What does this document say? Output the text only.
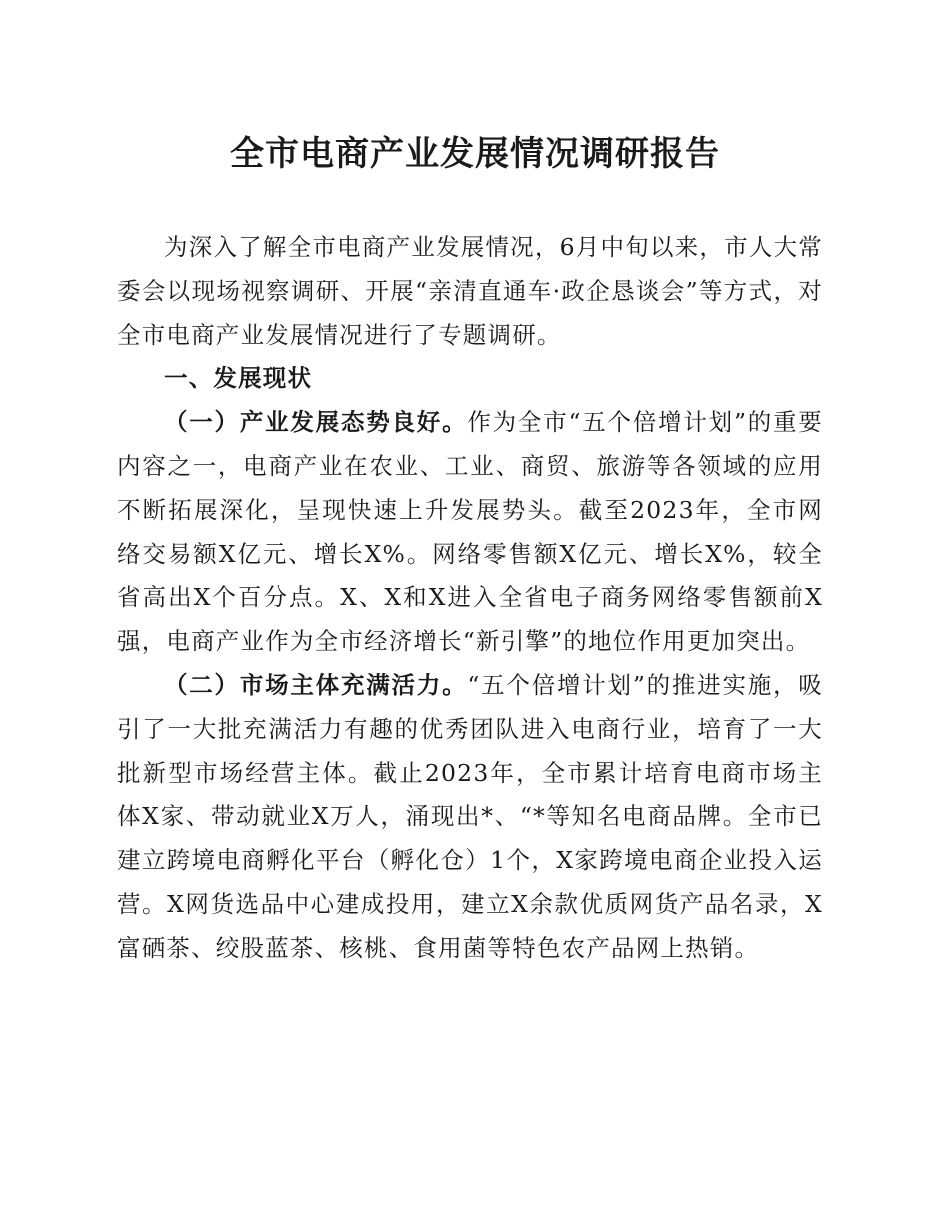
全市电商产业发展情况调研报告

为深入了解全市电商产业发展情况，6月中旬以来，市人大常委会以现场视察调研、开展“亲清直通车·政企恳谈会”等方式，对全市电商产业发展情况进行了专题调研。

一、发展现状

（一）产业发展态势良好。作为全市“五个倍增计划”的重要内容之一，电商产业在农业、工业、商贸、旅游等各领域的应用不断拓展深化，呈现快速上升发展势头。截至2023年，全市网络交易额X亿元、增长X%。网络零售额X亿元、增长X%，较全省高出X个百分点。X、X和X进入全省电子商务网络零售额前X强，电商产业作为全市经济增长“新引擎”的地位作用更加突出。

（二）市场主体充满活力。“五个倍增计划”的推进实施，吸引了一大批充满活力有趣的优秀团队进入电商行业，培育了一大批新型市场经营主体。截止2023年，全市累计培育电商市场主体X家、带动就业X万人，涌现出*、“*等知名电商品牌。全市已建立跨境电商孵化平台（孵化仓）1个，X家跨境电商企业投入运营。X网货选品中心建成投用，建立X余款优质网货产品名录，X富硒茶、绞股蓝茶、核桃、食用菌等特色农产品网上热销。
